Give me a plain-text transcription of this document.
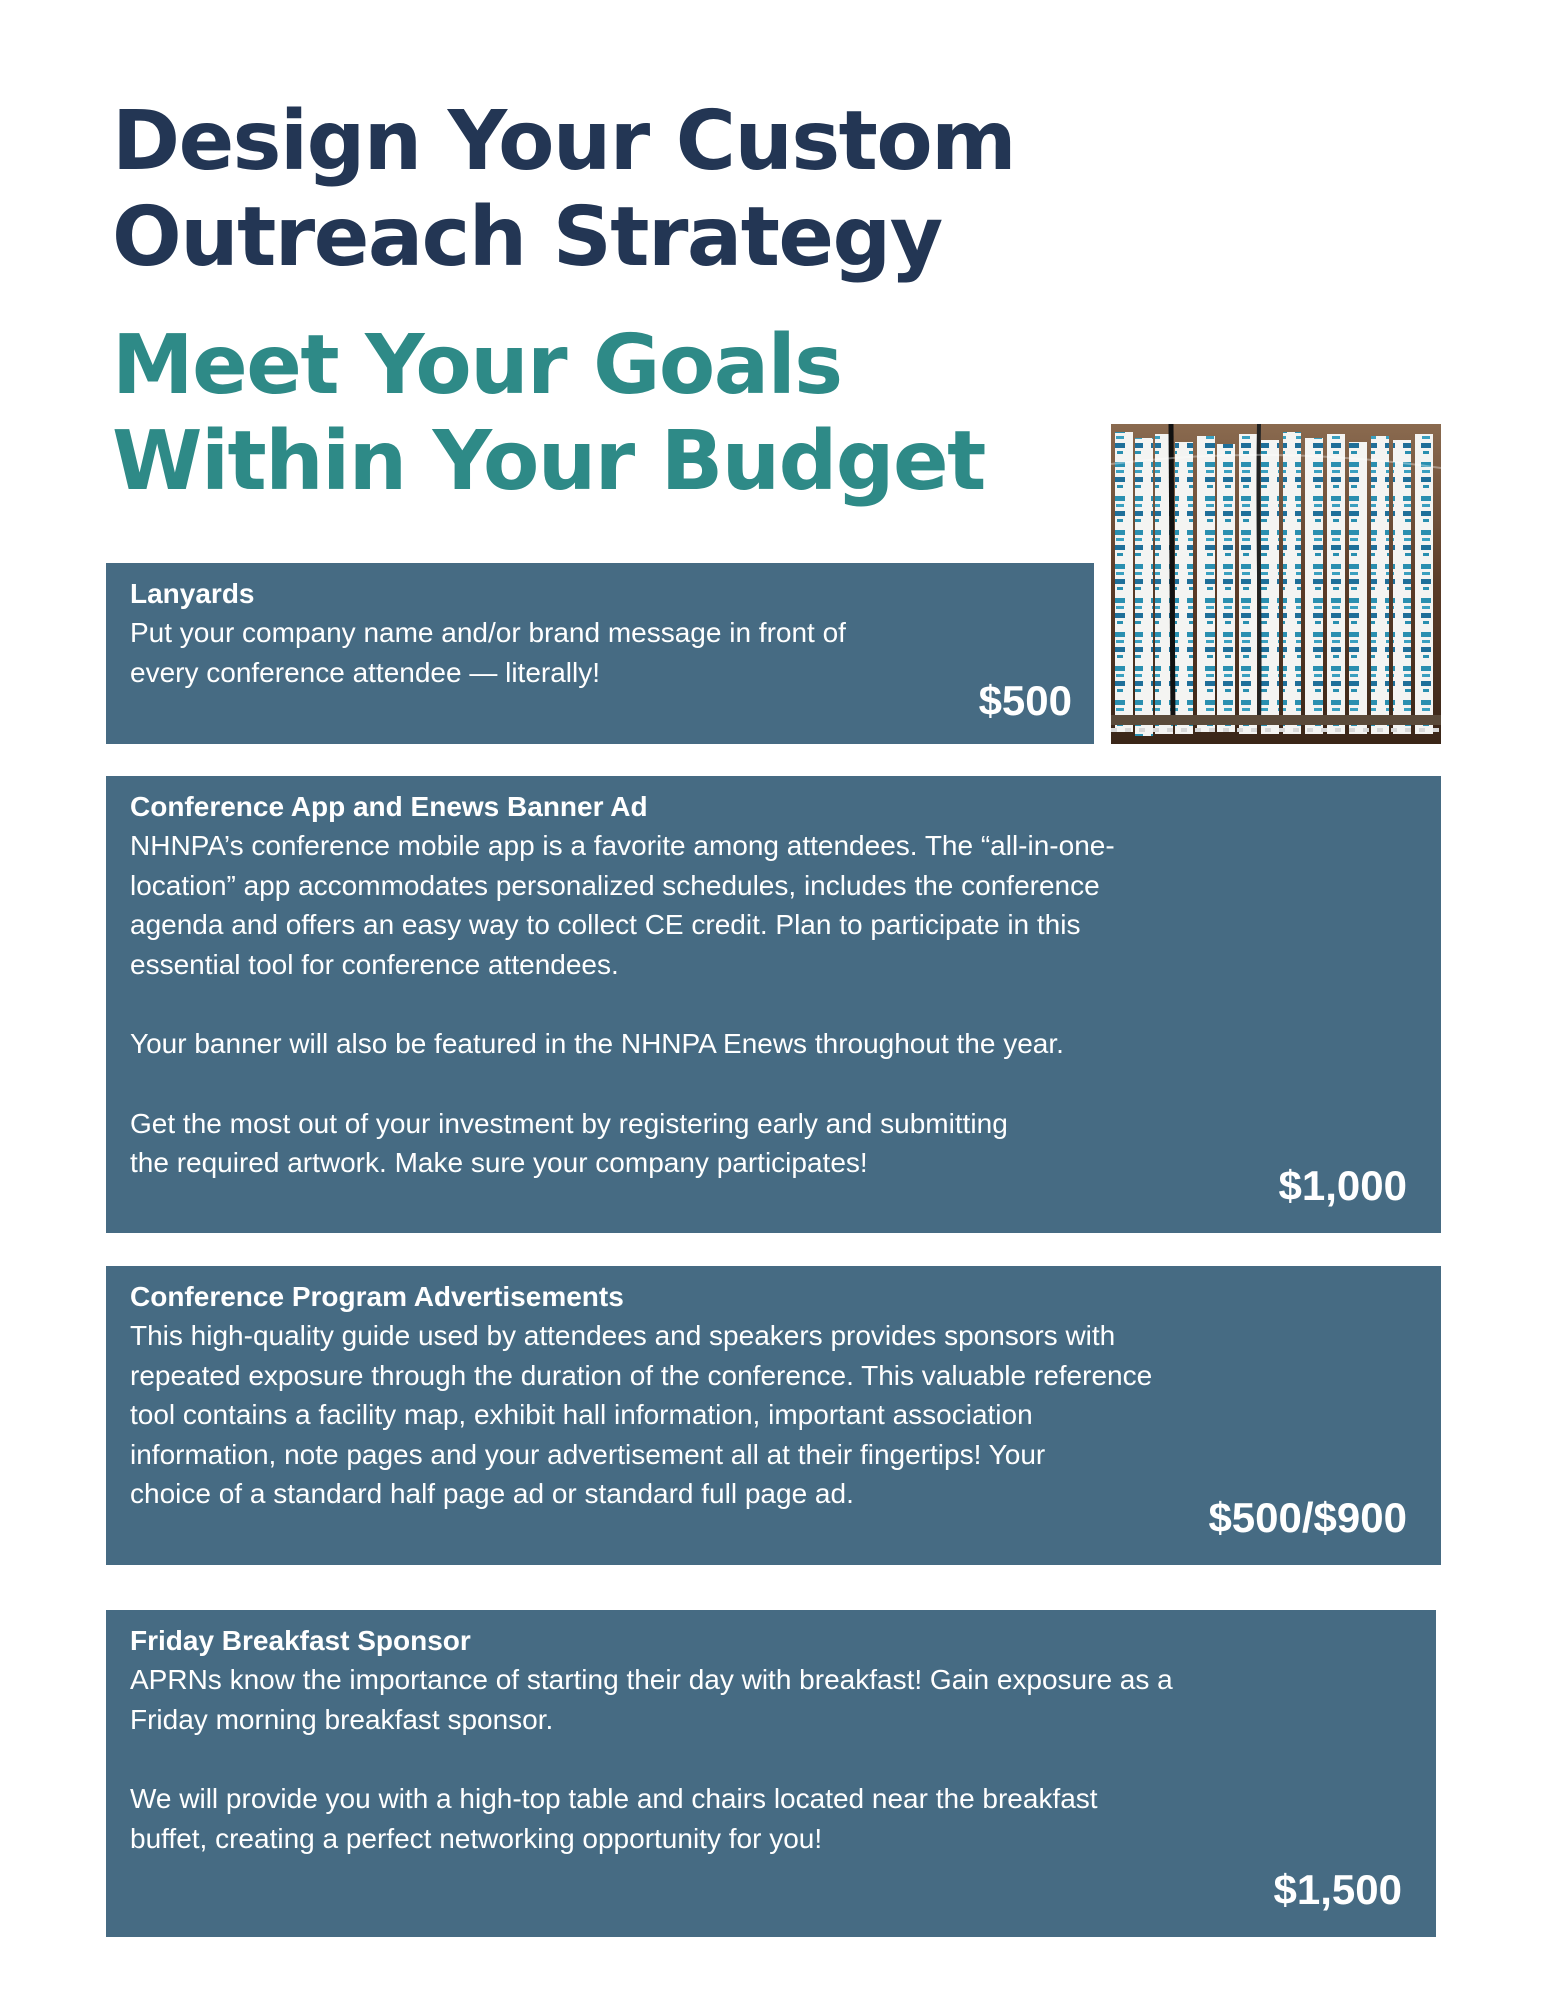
Design Your Custom
Outreach Strategy
Meet Your Goals
Within Your Budget

Lanyards

Put your company name and/or brand message in front of
every conference attendee — literally!

$500

Conference App and Enews Banner Ad

NHNPA’s conference mobile app is a favorite among attendees. The “all-in-one-
location” app accommodates personalized schedules, includes the conference
agenda and offers an easy way to collect CE credit. Plan to participate in this
essential tool for conference attendees.

Your banner will also be featured in the NHNPA Enews throughout the year.

Get the most out of your investment by registering early and submitting
the required artwork. Make sure your company participates!	$1,000

Conference Program Advertisements

This high-quality guide used by attendees and speakers provides sponsors with
repeated exposure through the duration of the conference. This valuable reference
tool contains a facility map, exhibit hall information, important association
information, note pages and your advertisement all at their fingertips! Your
choice of a standard half page ad or standard full page ad.

$500/$900

Friday Breakfast Sponsor

APRNs know the importance of starting their day with breakfast! Gain exposure as a
Friday morning breakfast sponsor.

We will provide you with a high-top table and chairs located near the breakfast
buffet, creating a perfect networking opportunity for you!

$1,500
